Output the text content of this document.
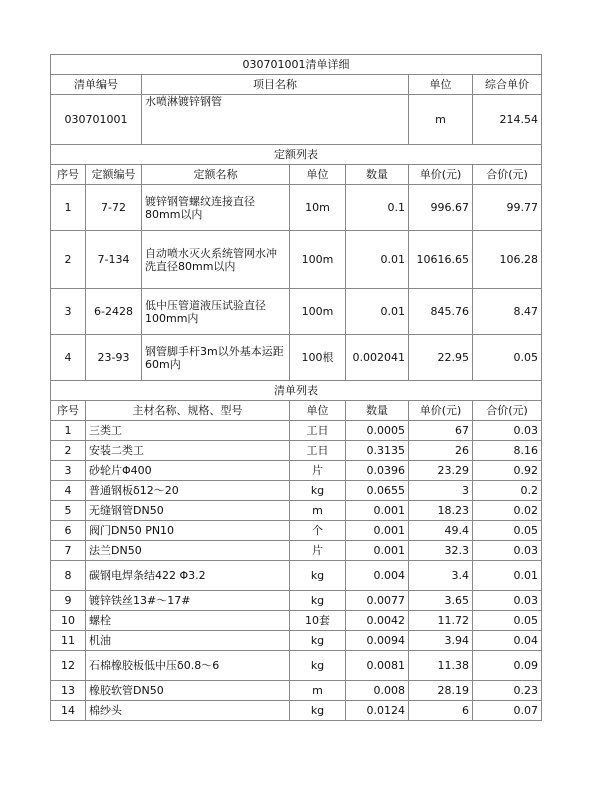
030701001清单详细						
清单编号		项目名称			单位	综合单价
030701001		水喷淋镀锌钢管			m	214.54
定额列表						
序号	定额编号	定额名称	单位	数量	单价(元)	合价(元)
1	7-72	镀锌钢管螺纹连接直径80mm以内	10m	0.1	996.67	99.77
2	7-134	自动喷水灭火系统管网水冲洗直径80mm以内	100m	0.01	10616.65	106.28
3	6-2428	低中压管道液压试验直径100mm内	100m	0.01	845.76	8.47
4	23-93	钢管脚手杆3m以外基本运距60m内	100根	0.002041	22.95	0.05
清单列表						
序号	主材名称、规格、型号		单位	数量	单价(元)	合价(元)
1	三类工		工日	0.0005	67	0.03
2	安装二类工		工日	0.3135	26	8.16
3	砂轮片Φ400		片	0.0396	23.29	0.92
4	普通钢板δ12～20		kg	0.0655	3	0.2
5	无缝钢管DN50		m	0.001	18.23	0.02
6	阀门DN50 PN10		个	0.001	49.4	0.05
7	法兰DN50		片	0.001	32.3	0.03
8	碳钢电焊条结422 Φ3.2		kg	0.004	3.4	0.01
9	镀锌铁丝13#～17#		kg	0.0077	3.65	0.03
10	螺栓		10套	0.0042	11.72	0.05
11	机油		kg	0.0094	3.94	0.04
12	石棉橡胶板低中压δ0.8～6		kg	0.0081	11.38	0.09
13	橡胶软管DN50		m	0.008	28.19	0.23
14	棉纱头		kg	0.0124	6	0.07
